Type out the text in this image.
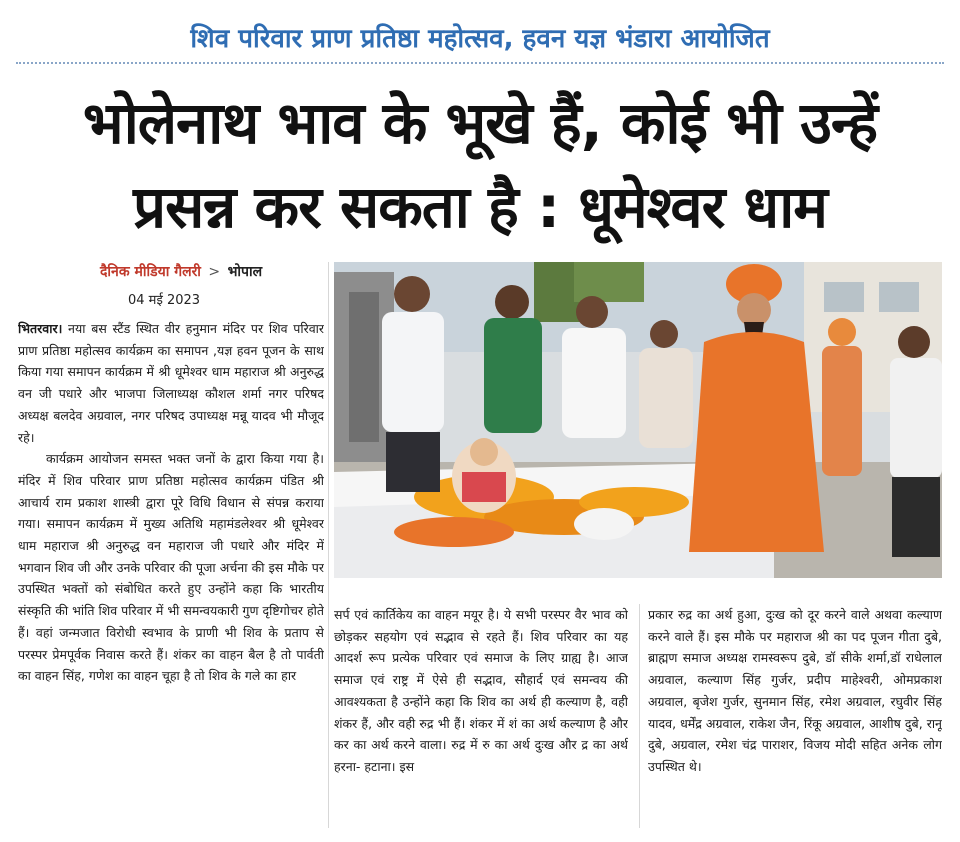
शिव परिवार प्राण प्रतिष्ठा महोत्सव, हवन यज्ञ भंडारा आयोजित
भोलेनाथ भाव के भूखे हैं, कोई भी उन्हें
प्रसन्न कर सकता है : धूमेश्वर धाम
दैनिक मीडिया गैलरी > भोपाल
04 मई 2023

भितरवार। नया बस स्टैंड स्थित वीर हनुमान मंदिर पर शिव परिवार प्राण प्रतिष्ठा महोत्सव कार्यक्रम का समापन ,यज्ञ हवन पूजन के साथ किया गया समापन कार्यक्रम में श्री धूमेश्वर धाम महाराज श्री अनुरुद्ध वन जी पधारे और भाजपा जिलाध्यक्ष कौशल शर्मा नगर परिषद अध्यक्ष बलदेव अग्रवाल, नगर परिषद उपाध्यक्ष मन्नू यादव भी मौजूद रहे।

कार्यक्रम आयोजन समस्त भक्त जनों के द्वारा किया गया है। मंदिर में शिव परिवार प्राण प्रतिष्ठा महोत्सव कार्यक्रम पंडित श्री आचार्य राम प्रकाश शास्त्री द्वारा पूरे विधि विधान से संपन्न कराया गया। समापन कार्यक्रम में मुख्य अतिथि महामंडलेश्वर श्री धूमेश्वर धाम महाराज श्री अनुरुद्ध वन महाराज जी पधारे और मंदिर में भगवान शिव जी और उनके परिवार की पूजा अर्चना की इस मौके पर उपस्थित भक्तों को संबोधित करते हुए उन्होंने कहा कि भारतीय संस्कृति की भांति शिव परिवार में भी समन्वयकारी गुण दृष्टिगोचर होते हैं। वहां जन्मजात विरोधी स्वभाव के प्राणी भी शिव के प्रताप से परस्पर प्रेमपूर्वक निवास करते हैं। शंकर का वाहन बैल है तो पार्वती का वाहन सिंह, गणेश का वाहन चूहा है तो शिव के गले का हार

सर्प एवं कार्तिकेय का वाहन मयूर है। ये सभी परस्पर वैर भाव को छोड़कर सहयोग एवं सद्भाव से रहते हैं। शिव परिवार का यह आदर्श रूप प्रत्येक परिवार एवं समाज के लिए ग्राह्य है। आज समाज एवं राष्ट्र में ऐसे ही सद्भाव, सौहार्द एवं समन्वय की आवश्यकता है उन्होंने कहा कि शिव का अर्थ ही कल्याण है, वही शंकर हैं, और वही रुद्र भी हैं। शंकर में शं का अर्थ कल्याण है और कर का अर्थ करने वाला। रुद्र में रु का अर्थ दुःख और द्र का अर्थ हरना- हटाना। इस
प्रकार रुद्र का अर्थ हुआ, दुःख को दूर करने वाले अथवा कल्याण करने वाले हैं। इस मौके पर महाराज श्री का पद पूजन गीता दुबे, ब्राह्मण समाज अध्यक्ष रामस्वरूप दुबे, डॉ सीके शर्मा,डॉ राधेलाल अग्रवाल, कल्याण सिंह गुर्जर, प्रदीप माहेश्वरी, ओमप्रकाश अग्रवाल, बृजेश गुर्जर, सुनमान सिंह, रमेश अग्रवाल, रघुवीर सिंह यादव, धर्मेंद्र अग्रवाल, राकेश जैन, रिंकू अग्रवाल, आशीष दुबे, रानू दुबे, अग्रवाल, रमेश चंद्र पाराशर, विजय मोदी सहित अनेक लोग उपस्थित थे।
